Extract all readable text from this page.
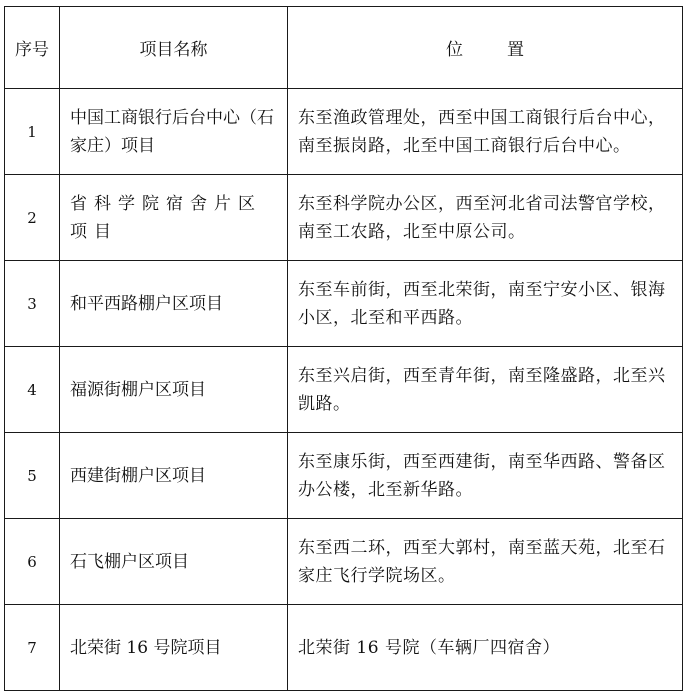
序号	项目名称	位置
1	中国工商银行后台中心（石家庄）项目	东至渔政管理处，西至中国工商银行后台中心，南至振岗路，北至中国工商银行后台中心。
2	省科学院宿舍片区项目	东至科学院办公区，西至河北省司法警官学校，南至工农路，北至中原公司。
3	和平西路棚户区项目	东至车前街，西至北荣街，南至宁安小区、银海小区，北至和平西路。
4	福源街棚户区项目	东至兴启街，西至青年街，南至隆盛路，北至兴凯路。
5	西建街棚户区项目	东至康乐街，西至西建街，南至华西路、警备区办公楼，北至新华路。
6	石飞棚户区项目	东至西二环，西至大郭村，南至蓝天苑，北至石家庄飞行学院场区。
7	北荣街 16 号院项目	北荣街 16 号院（车辆厂四宿舍）
